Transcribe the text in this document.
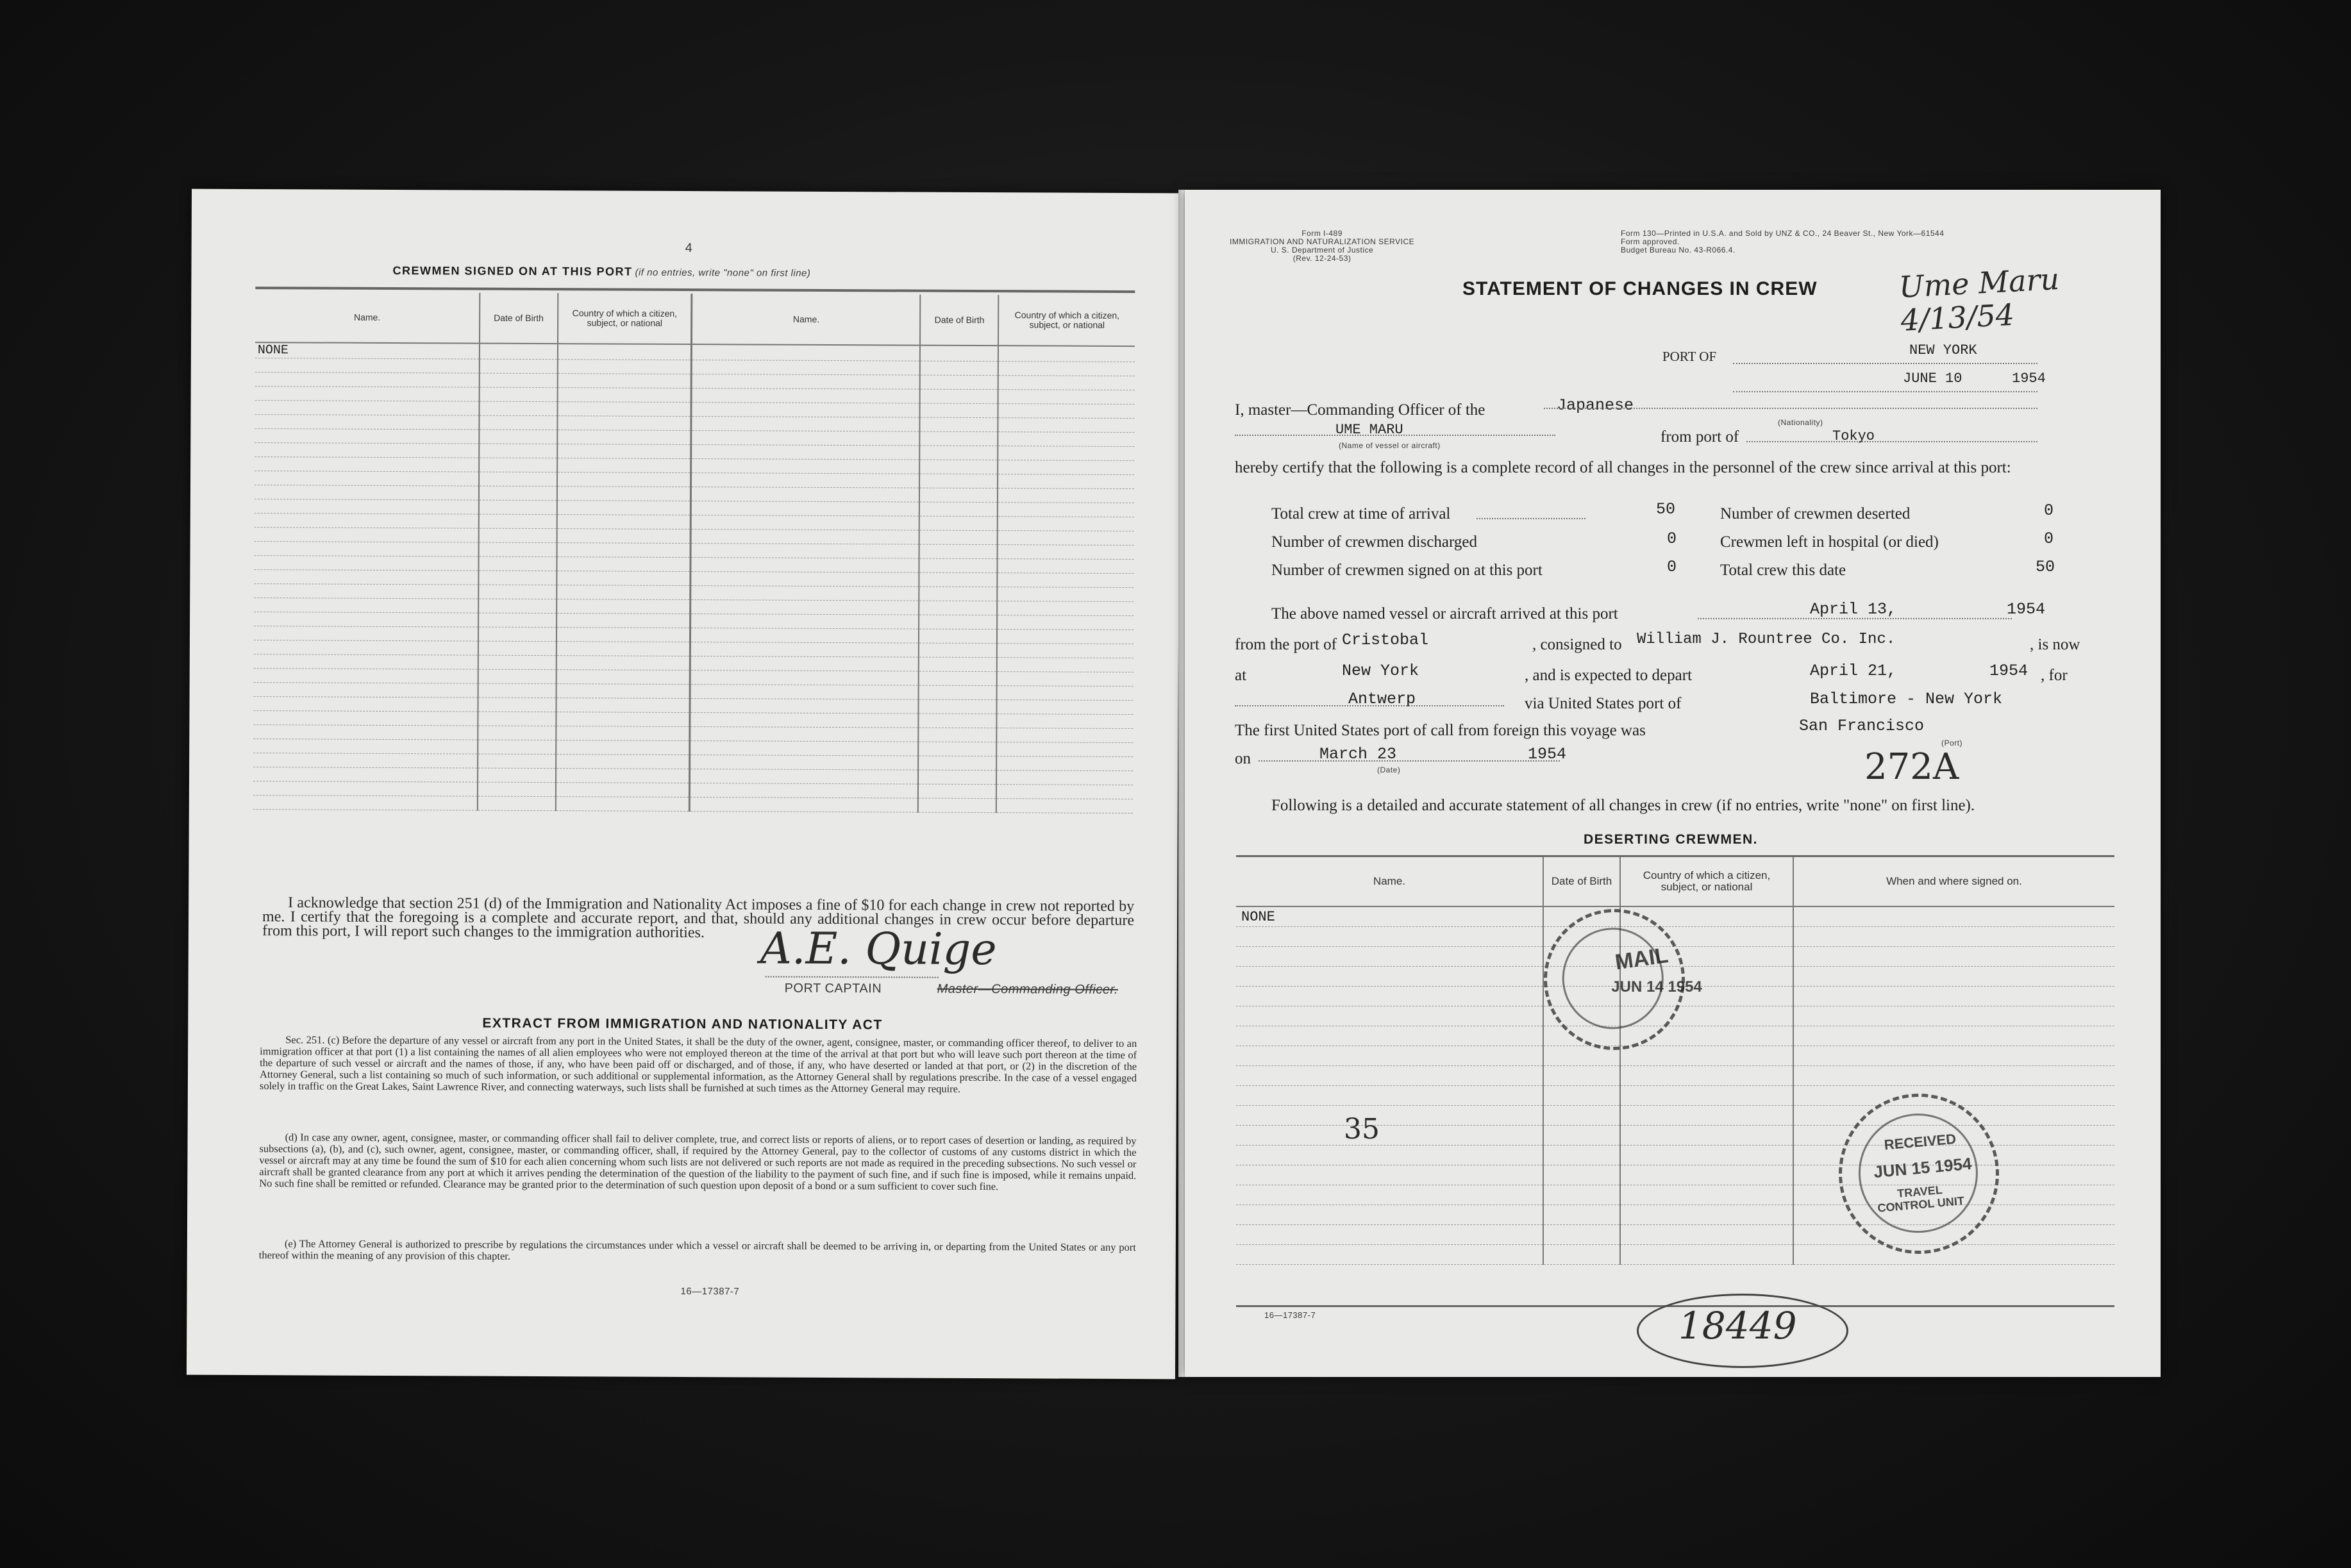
4
CREWMEN SIGNED ON AT THIS PORT (if no entries, write "none" on first line)
Name.	Date of Birth	Country of which a citizen, subject, or national	Name.	Date of Birth	Country of which a citizen, subject, or national
NONE					

I acknowledge that section 251 (d) of the Immigration and Nationality Act imposes a fine of $10 for each change in crew not reported by me. I certify that the foregoing is a complete and accurate report, and that, should any additional changes in crew occur before departure from this port, I will report such changes to the immigration authorities.	A.E. Quige
PORT CAPTAIN	Master—Commanding Officer.
EXTRACT FROM IMMIGRATION AND NATIONALITY ACT
Sec. 251. (c) Before the departure of any vessel or aircraft from any port in the United States, it shall be the duty of the owner, agent, consignee, master, or commanding officer thereof, to deliver to an immigration officer at that port (1) a list containing the names of all alien employees who were not employed thereon at the time of the arrival at that port but who will leave such port thereon at the time of the departure of such vessel or aircraft and the names of those, if any, who have been paid off or discharged, and of those, if any, who have deserted or landed at that port, or (2) in the discretion of the Attorney General, such a list containing so much of such information, or such additional or supplemental information, as the Attorney General shall by regulations prescribe. In the case of a vessel engaged solely in traffic on the Great Lakes, Saint Lawrence River, and connecting waterways, such lists shall be furnished at such times as the Attorney General may require.
(d) In case any owner, agent, consignee, master, or commanding officer shall fail to deliver complete, true, and correct lists or reports of aliens, or to report cases of desertion or landing, as required by subsections (a), (b), and (c), such owner, agent, consignee, master, or commanding officer, shall, if required by the Attorney General, pay to the collector of customs of any customs district in which the vessel or aircraft may at any time be found the sum of $10 for each alien concerning whom such lists are not delivered or such reports are not made as required in the preceding subsections. No such vessel or aircraft shall be granted clearance from any port at which it arrives pending the determination of the question of the liability to the payment of such fine, and if such fine is imposed, while it remains unpaid. No such fine shall be remitted or refunded. Clearance may be granted prior to the determination of such question upon deposit of a bond or a sum sufficient to cover such fine.
(e) The Attorney General is authorized to prescribe by regulations the circumstances under which a vessel or aircraft shall be deemed to be arriving in, or departing from the United States or any port thereof within the meaning of any provision of this chapter.
16—17387-7
Form I-489
IMMIGRATION AND NATURALIZATION SERVICE
U. S. Department of Justice
(Rev. 12-24-53)
Form 130—Printed in U.S.A. and Sold by UNZ & CO., 24 Beaver St., New York—61544
Form approved.
Budget Bureau No. 43-R066.4.
STATEMENT OF CHANGES IN CREW	Ume Maru 4/13/54
PORT OF	NEW YORK
JUNE 10	1954
I, master—Commanding Officer of the	Japanese
(Nationality)
UME MARU
(Name of vessel or aircraft)	from port of	Tokyo
hereby certify that the following is a complete record of all changes in the personnel of the crew since arrival at this port:
Total crew at time of arrival	50
Number of crewmen discharged	0
Number of crewmen signed on at this port	0
Number of crewmen deserted	0
Crewmen left in hospital (or died)	0
Total crew this date	50
The above named vessel or aircraft arrived at this port	April 13,	1954
from the port of Cristobal	, consigned to William J. Rountree Co. Inc.	, is now
at	New York	, and is expected to depart	April 21,	1954 , for
Antwerp	via United States port of	Baltimore - New York
The first United States port of call from foreign this voyage was	San Francisco
(Port)
on	March 23	1954
(Date)	272A
Following is a detailed and accurate statement of all changes in crew (if no entries, write "none" on first line).
DESERTING CREWMEN.
Name.	Date of Birth	Country of which a citizen, subject, or national	When and where signed on.
NONE			

MAIL
JUN 14 1954
RECEIVED
JUN 15 1954
TRAVEL CONTROL UNIT
35
16—17387-7	18449
